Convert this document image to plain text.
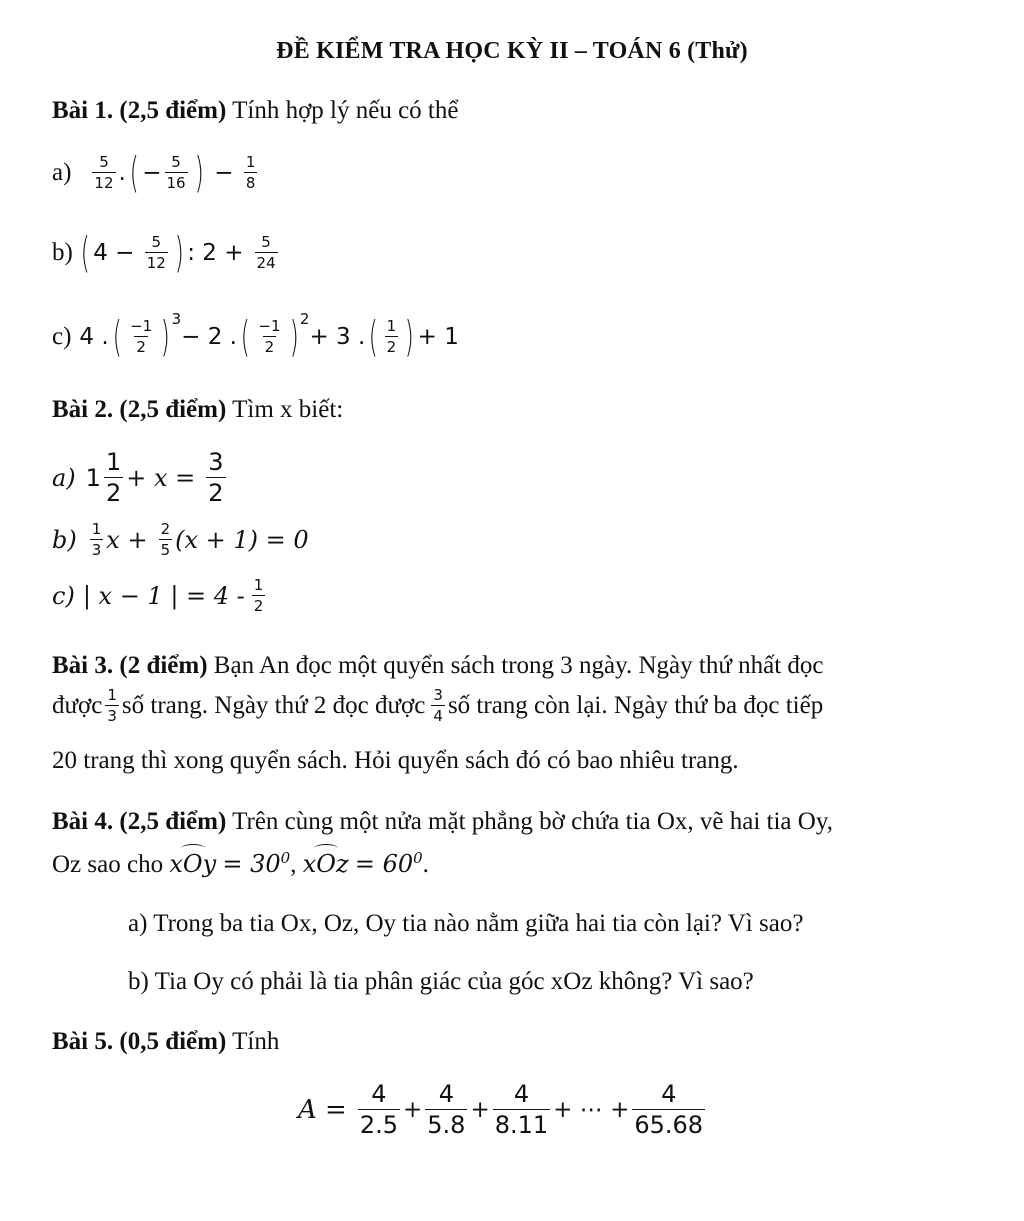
ĐỀ KIỂM TRA HỌC KỲ II – TOÁN 6 (Thử)
Bài 1. (2,5 điểm) Tính hợp lý nếu có thể
$a) \frac{5}{12}$ . ( − $\frac{5}{16}$ ) − $\frac{1}{8}$
b) ( $4 - \frac{5}{12}$ ) : $2 + \frac{5}{24}$
c) 4 . ( $\frac{-1}{2}$ ) 3
− 2 . ( $\frac{-1}{2}$ ) 2
+ 3 . ( $\frac{1}{2}$ ) + 1
Bài 2. (2,5 điểm) Tìm x biết:
a) $1 \frac{1}{2} + x = \frac{3}{2}$
$b) \frac{1}{3}$ $x + \frac{2}{5} (x + 1) = 0$
c) | x − 1 | = $4 - \frac{1}{2}$
Bài 3. (2 điểm) Bạn An đọc một quyển sách trong 3 ngày. Ngày thứ nhất đọc
được $\frac{1}{3}$ số trang. Ngày thứ 2 đọc được $\frac{3}{4}$ số trang còn lại. Ngày thứ ba đọc tiếp
20 trang thì xong quyển sách. Hỏi quyển sách đó có bao nhiêu trang.
Bài 4. (2,5 điểm) Trên cùng một nửa mặt phẳng bờ chứa tia Ox, vẽ hai tia Oy,
Oz sao cho x
$Oy = 30^0$, x
$Oz = 60^0$.
a) Trong ba tia Ox, Oz, Oy tia nào nằm giữa hai tia còn lại? Vì sao?
b) Tia Oy có phải là tia phân giác của góc xOz không? Vì sao?
Bài 5. (0,5 điểm) Tính
$A = \frac{4}{2.5} + \frac{4}{5.8} + \frac{4}{8.11}$ + ⋯ + $\frac{4}{65.68}$
